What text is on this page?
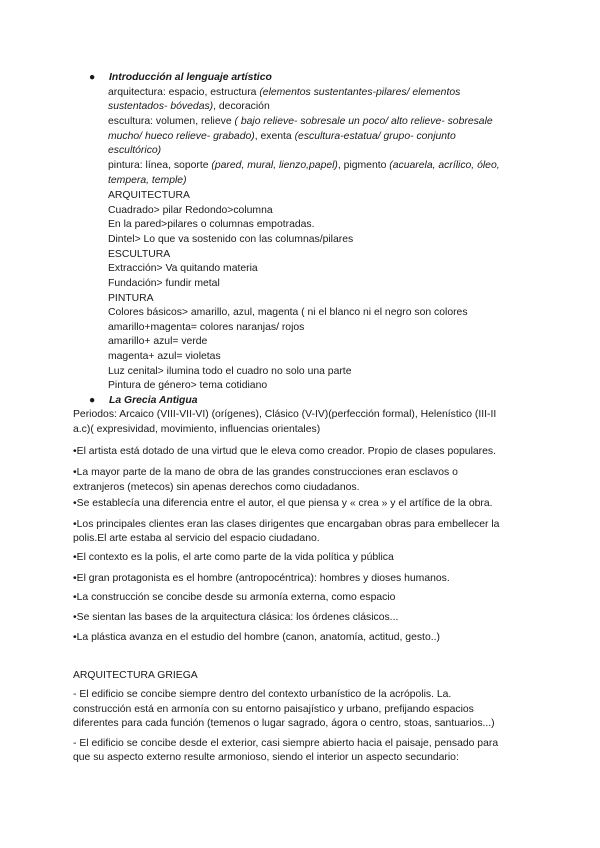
● Introducción al lenguaje artístico
arquitectura: espacio, estructura (elementos sustentantes-pilares/ elementos
sustentados- bóvedas), decoración
escultura: volumen, relieve ( bajo relieve- sobresale un poco/ alto relieve- sobresale
mucho/ hueco relieve- grabado), exenta (escultura-estatua/ grupo- conjunto
escultórico)
pintura: línea, soporte (pared, mural, lienzo,papel), pigmento (acuarela, acrílico, óleo,
tempera, temple)
ARQUITECTURA
Cuadrado> pilar Redondo>columna
En la pared>pilares o columnas empotradas.
Dintel> Lo que va sostenido con las columnas/pilares
ESCULTURA
Extracción> Va quitando materia
Fundación> fundir metal
PINTURA
Colores básicos> amarillo, azul, magenta ( ni el blanco ni el negro son colores
amarillo+magenta= colores naranjas/ rojos
amarillo+ azul= verde
magenta+ azul= violetas
Luz cenital> ilumina todo el cuadro no solo una parte
Pintura de género> tema cotidiano
● La Grecia Antigua
Periodos: Arcaico (VIII-VII-VI) (orígenes), Clásico (V-IV)(perfección formal), Helenístico (III-II
a.c)( expresividad, movimiento, influencias orientales)
•El artista está dotado de una virtud que le eleva como creador. Propio de clases populares.
•La mayor parte de la mano de obra de las grandes construcciones eran esclavos o
extranjeros (metecos) sin apenas derechos como ciudadanos.
•Se establecía una diferencia entre el autor, el que piensa y « crea » y el artífice de la obra.
•Los principales clientes eran las clases dirigentes que encargaban obras para embellecer la
polis.El arte estaba al servicio del espacio ciudadano.
•El contexto es la polis, el arte como parte de la vida política y pública
•El gran protagonista es el hombre (antropocéntrica): hombres y dioses humanos.
•La construcción se concibe desde su armonía externa, como espacio
•Se sientan las bases de la arquitectura clásica: los órdenes clásicos...
•La plástica avanza en el estudio del hombre (canon, anatomía, actitud, gesto..)
ARQUITECTURA GRIEGA
- El edificio se concibe siempre dentro del contexto urbanístico de la acrópolis. La.
construcción está en armonía con su entorno paisajístico y urbano, prefijando espacios
diferentes para cada función (temenos o lugar sagrado, ágora o centro, stoas, santuarios...)
- El edificio se concibe desde el exterior, casi siempre abierto hacia el paisaje, pensado para
que su aspecto externo resulte armonioso, siendo el interior un aspecto secundario:
